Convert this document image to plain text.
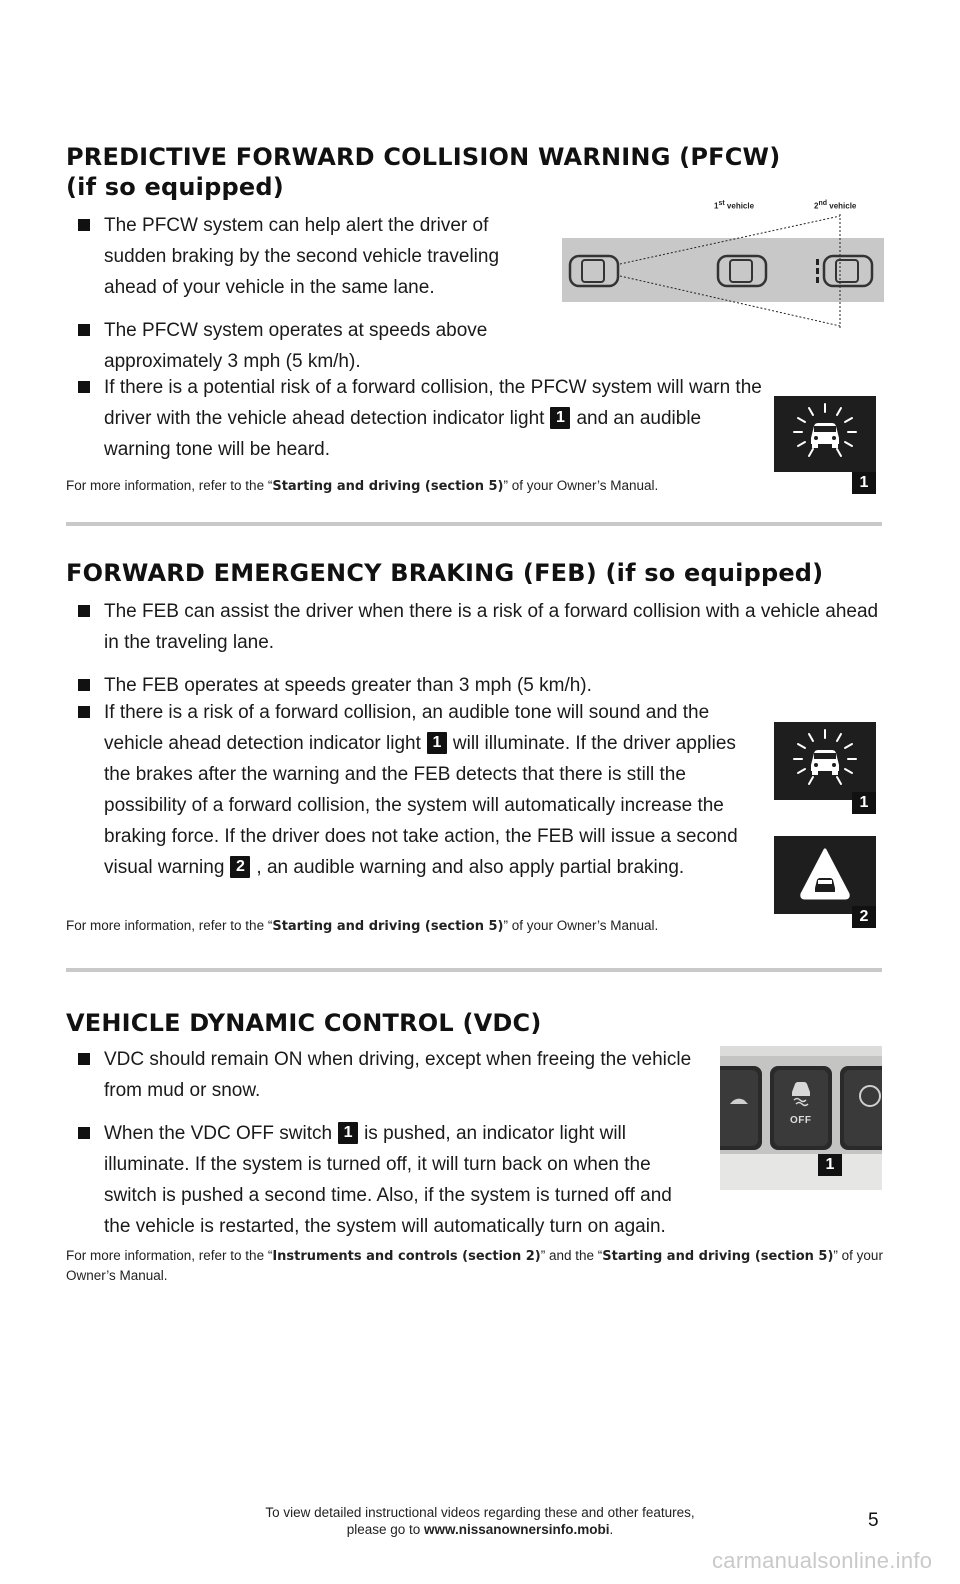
PREDICTIVE FORWARD COLLISION WARNING (PFCW)
(if so equipped)
The PFCW system can help alert the driver of sudden braking by the second vehicle traveling ahead of your vehicle in the same lane.
The PFCW system operates at speeds above approximately 3 mph (5 km/h).
If there is a potential risk of a forward collision, the PFCW system will warn the driver with the vehicle ahead detection indicator light 1 and an audible warning tone will be heard.
For more information, refer to the “Starting and driving (section 5)” of your Owner’s Manual.
1st vehicle	2nd vehicle
1
FORWARD EMERGENCY BRAKING (FEB) (if so equipped)
The FEB can assist the driver when there is a risk of a forward collision with a vehicle ahead in the traveling lane.
The FEB operates at speeds greater than 3 mph (5 km/h).
If there is a risk of a forward collision, an audible tone will sound and the vehicle ahead detection indicator light 1 will illuminate. If the driver applies the brakes after the warning and the FEB detects that there is still the possibility of a forward collision, the system will automatically increase the braking force. If the driver does not take action, the FEB will issue a second visual warning 2 , an audible warning and also apply partial braking.
For more information, refer to the “Starting and driving (section 5)” of your Owner’s Manual.
1
2
VEHICLE DYNAMIC CONTROL (VDC)
VDC should remain ON when driving, except when freeing the vehicle from mud or snow.
When the VDC OFF switch 1 is pushed, an indicator light will illuminate. If the system is turned off, it will turn back on when the switch is pushed a second time. Also, if the system is turned off and the vehicle is restarted, the system will automatically turn on again.
For more information, refer to the “Instruments and controls (section 2)” and the “Starting and driving (section 5)” of your Owner’s Manual.
OFF
1
To view detailed instructional videos regarding these and other features,
please go to www.nissanownersinfo.mobi.	5
carmanualsonline.info
